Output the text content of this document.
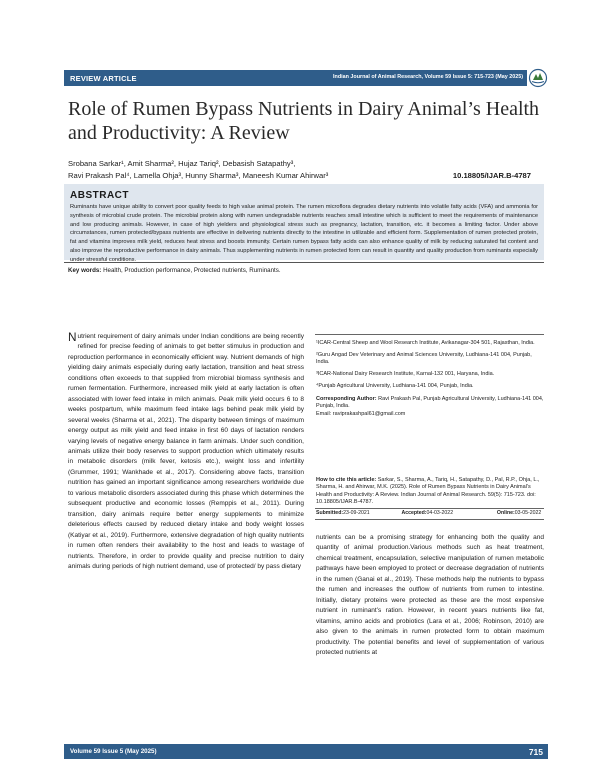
REVIEW ARTICLE	Indian Journal of Animal Research, Volume 59 Issue 5: 715-723 (May 2025)
Role of Rumen Bypass Nutrients in Dairy Animal’s Health and Productivity: A Review
Srobana Sarkar¹, Amit Sharma², Hujaz Tariq², Debasish Satapathy³,
Ravi Prakash Pal⁴, Lamella Ohja³, Hunny Sharma³, Maneesh Kumar Ahirwar³	10.18805/IJAR.B-4787
ABSTRACT

Ruminants have unique ability to convert poor quality feeds to high value animal protein. The rumen microflora degrades dietary nutrients into volatile fatty acids (VFA) and ammonia for synthesis of microbial crude protein. The microbial protein along with rumen undegradable nutrients reaches small intestine which is sufficient to meet the requirements of maintenance and low producing animals. However, in case of high yielders and physiological stress such as pregnancy, lactation, transition, etc. it becomes a limiting factor. Under above circumstances, rumen protected/bypass nutrients are effective in delivering nutrients directly to the intestine in utilizable and efficient form. Supplementation of rumen protected protein, fat and vitamins improves milk yield, reduces heat stress and boosts immunity. Certain rumen bypass fatty acids can also enhance quality of milk by reducing saturated fat content and also improve the reproductive performance in dairy animals. Thus supplementing nutrients in rumen protected form can result in quantity and quality production from ruminants especially under stressful conditions.

Key words: Health, Production performance, Protected nutrients, Ruminants.

Nutrient requirement of dairy animals under Indian conditions are being recently refined for precise feeding of animals to get better stimulus in production and reproduction performance in economically efficient way. Nutrient demands of high yielding dairy animals especially during early lactation, transition and heat stress conditions often exceeds to that supplied from microbial biomass synthesis and rumen fermentation. Furthermore, increased milk yield at early lactation is often associated with lower feed intake in milch animals. Peak milk yield occurs 6 to 8 weeks postpartum, while maximum feed intake lags behind peak milk yield by several weeks (Sharma et al., 2021). The disparity between timings of maximum energy output as milk yield and feed intake in first 60 days of lactation renders varying levels of negative energy balance in farm animals. Under such condition, animals utilize their body reserves to support production which ultimately results in metabolic disorders (milk fever, ketosis etc.), weight loss and infertility (Grummer, 1991; Wankhade et al., 2017). Considering above facts, transition nutrition has gained an important significance among researchers worldwide due to various metabolic disorders associated during this phase which determines the subsequent productive and economic losses (Remppis et al., 2011). During transition, dairy animals require better energy supplements to minimize deleterious effects caused by reduced dietary intake and body weight losses (Katiyar et al., 2019). Furthermore, extensive degradation of high quality nutrients in rumen often renders their availability to the host and leads to wastage of nutrients. Therefore, in order to provide quality and precise nutrition to dairy animals during periods of high nutrient demand, use of protected/ by pass dietary

¹ICAR-Central Sheep and Wool Research Institute, Avikanagar-304 501, Rajasthan, India.

²Guru Angad Dev Veterinary and Animal Sciences University, Ludhiana-141 004, Punjab, India.

³ICAR-National Dairy Research Institute, Karnal-132 001, Haryana, India.

⁴Punjab Agricultural University, Ludhiana-141 004, Punjab, India.

Corresponding Author: Ravi Prakash Pal, Punjab Agricultural University, Ludhiana-141 004, Punjab, India.
Email: raviprakashpal61@gmail.com

How to cite this article: Sarkar, S., Sharma, A., Tariq, H., Satapathy, D., Pal, R.P., Ohja, L., Sharma, H. and Ahirwar, M.K. (2025). Role of Rumen Bypass Nutrients in Dairy Animal’s Health and Productivity: A Review. Indian Journal of Animal Research. 59(5): 715-723. doi: 10.18805/IJAR.B-4787.

Submitted:23-09-2021	Accepted:04-03-2022	Online:03-05-2022

nutrients can be a promising strategy for enhancing both the quality and quantity of animal production.Various methods such as heat treatment, chemical treatment, encapsulation, selective manipulation of rumen metabolic pathways have been employed to protect or decrease degradation of nutrients in the rumen (Ganai et al., 2019). These methods help the nutrients to bypass the rumen and increases the outflow of nutrients from rumen to intestine. Initially, dietary proteins were protected as these are the most expensive nutrient in ruminant’s ration. However, in recent years nutrients like fat, vitamins, amino acids and probiotics (Lara et al., 2006; Robinson, 2010) are also given to the animals in rumen protected form to obtain maximum productivity. The potential benefits and level of supplementation of various protected nutrients at

Volume 59 Issue 5 (May 2025)	715
